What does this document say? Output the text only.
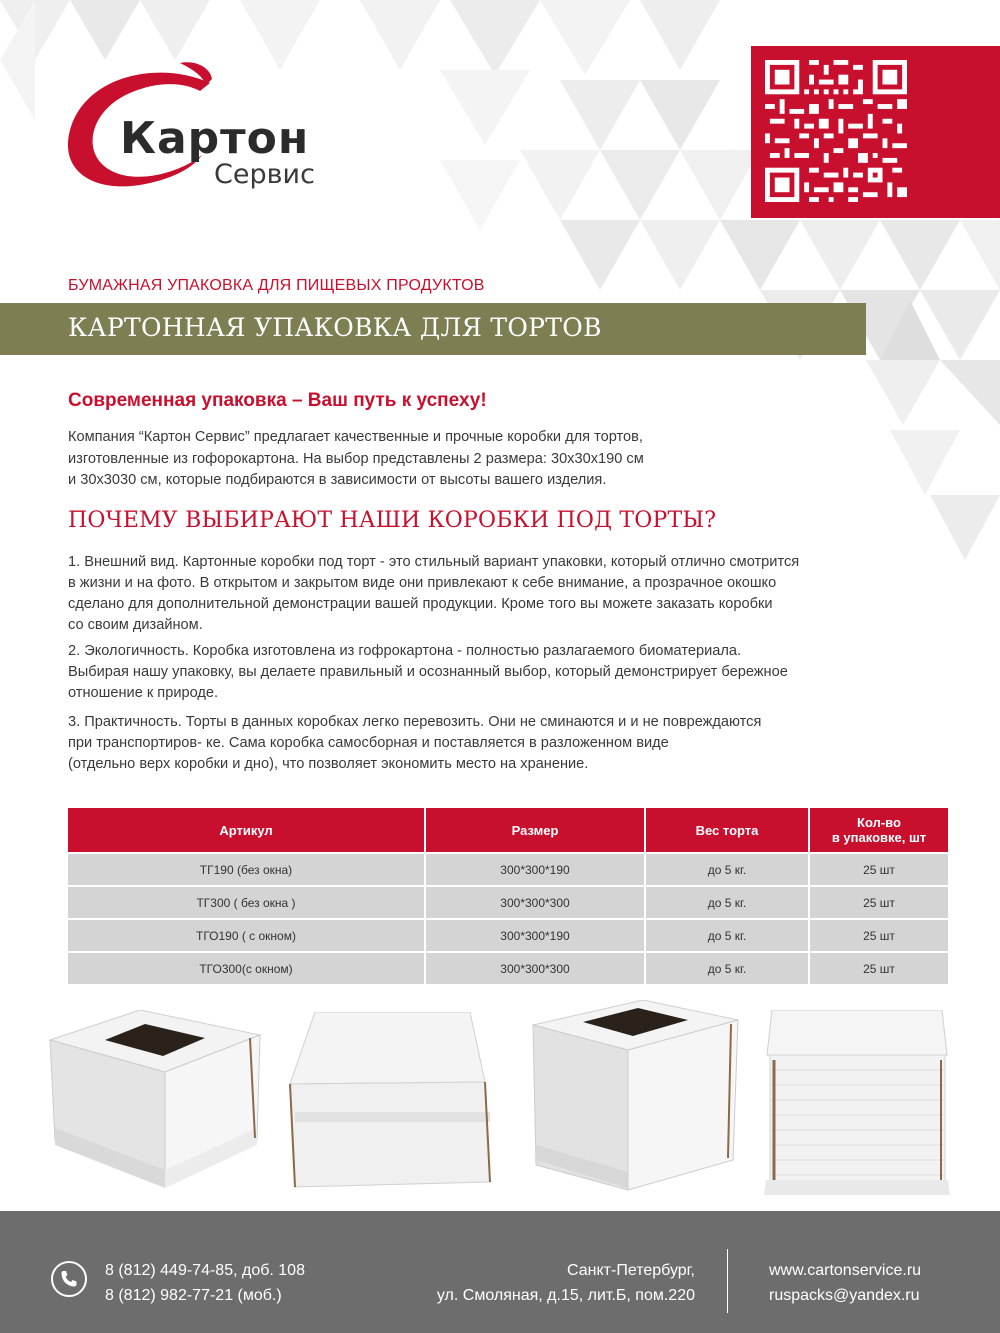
Картон
Сервис
БУМАЖНАЯ УПАКОВКА ДЛЯ ПИЩЕВЫХ ПРОДУКТОВ
КАРТОННАЯ УПАКОВКА ДЛЯ ТОРТОВ
Современная упаковка – Ваш путь к успеху!
Компания “Картон Сервис” предлагает качественные и прочные коробки для тортов,
изготовленные из гофорокартона. На выбор представлены 2 размера: 30х30х190 см
и 30х3030 см, которые подбираются в зависимости от высоты вашего изделия.
ПОЧЕМУ ВЫБИРАЮТ НАШИ КОРОБКИ ПОД ТОРТЫ?
1. Внешний вид. Картонные коробки под торт - это стильный вариант упаковки, который отлично смотрится
в жизни и на фото. В открытом и закрытом виде они привлекают к себе внимание, а прозрачное окошко
сделано для дополнительной демонстрации вашей продукции. Кроме того вы можете заказать коробки
со своим дизайном.
2. Экологичность. Коробка изготовлена из гофрокартона - полностью разлагаемого биоматериала.
Выбирая нашу упаковку, вы делаете правильный и осознанный выбор, который демонстрирует бережное
отношение к природе.
3. Практичность. Торты в данных коробках легко перевозить. Они не сминаются и и не повреждаются
при транспортиров- ке. Сама коробка самосборная и поставляется в разложенном виде
(отдельно верх коробки и дно), что позволяет экономить место на хранение.
Артикул	Размер	Вес торта	Кол-во
в упаковке, шт
ТГ190 (без окна)	300*300*190	до 5 кг.	25 шт
ТГ300 ( без окна )	300*300*300	до 5 кг.	25 шт
ТГО190 ( с окном)	300*300*190	до 5 кг.	25 шт
ТГО300(с окном)	300*300*300	до 5 кг.	25 шт
8 (812) 449-74-85, доб. 108
8 (812) 982-77-21 (моб.)
Санкт-Петербург,
ул. Смоляная, д.15, лит.Б, пом.220
www.cartonservice.ru
ruspacks@yandex.ru
